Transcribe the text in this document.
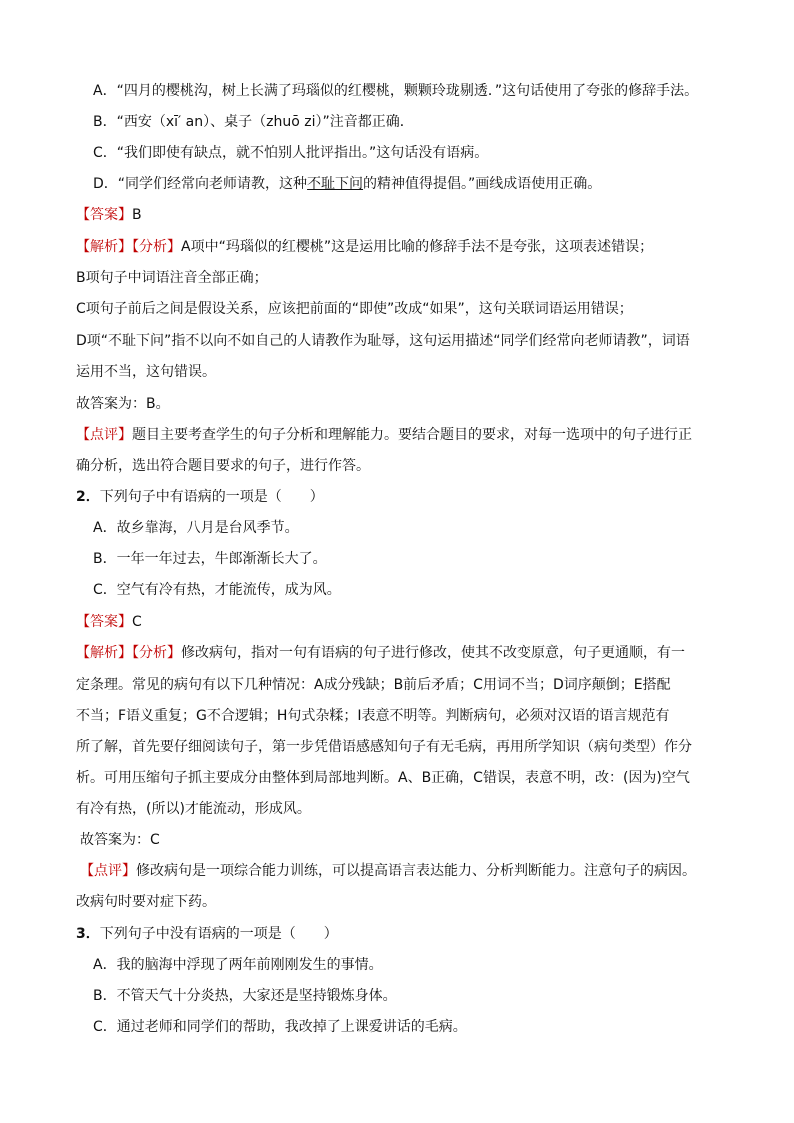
A．“四月的樱桃沟，树上长满了玛瑙似的红樱桃，颗颗玲珑剔透．”这句话使用了夸张的修辞手法。
B．“西安（xī′ an）、桌子（zhuō zi）”注音都正确．
C．“我们即使有缺点，就不怕别人批评指出。”这句话没有语病。
D．“同学们经常向老师请教，这种不耻下问的精神值得提倡。”画线成语使用正确。
【答案】B
【解析】【分析】A项中“玛瑙似的红樱桃”这是运用比喻的修辞手法不是夸张，这项表述错误；
B项句子中词语注音全部正确；
C项句子前后之间是假设关系，应该把前面的“即使”改成“如果”，这句关联词语运用错误；
D项“不耻下问”指不以向不如自己的人请教作为耻辱，这句运用描述“同学们经常向老师请教”，词语
运用不当，这句错误。
故答案为：B。
【点评】题目主要考查学生的句子分析和理解能力。要结合题目的要求，对每一选项中的句子进行正
确分析，选出符合题目要求的句子，进行作答。
2．下列句子中有语病的一项是（　　）
A．故乡靠海，八月是台风季节。
B．一年一年过去，牛郎渐渐长大了。
C．空气有冷有热，才能流传，成为风。
【答案】C
【解析】【分析】修改病句，指对一句有语病的句子进行修改，使其不改变原意，句子更通顺，有一
定条理。常见的病句有以下几种情况：A成分残缺；B前后矛盾；C用词不当；D词序颠倒；E搭配
不当；F语义重复；G不合逻辑；H句式杂糅；I表意不明等。判断病句，必须对汉语的语言规范有
所了解，首先要仔细阅读句子，第一步凭借语感感知句子有无毛病，再用所学知识（病句类型）作分
析。可用压缩句子抓主要成分由整体到局部地判断。A、B正确，C错误，表意不明，改：(因为)空气
有冷有热，(所以)才能流动，形成风。
故答案为：C
【点评】修改病句是一项综合能力训练，可以提高语言表达能力、分析判断能力。注意句子的病因。
改病句时要对症下药。
3．下列句子中没有语病的一项是（　　）
A．我的脑海中浮现了两年前刚刚发生的事情。
B．不管天气十分炎热，大家还是坚持锻炼身体。
C．通过老师和同学们的帮助，我改掉了上课爱讲话的毛病。
